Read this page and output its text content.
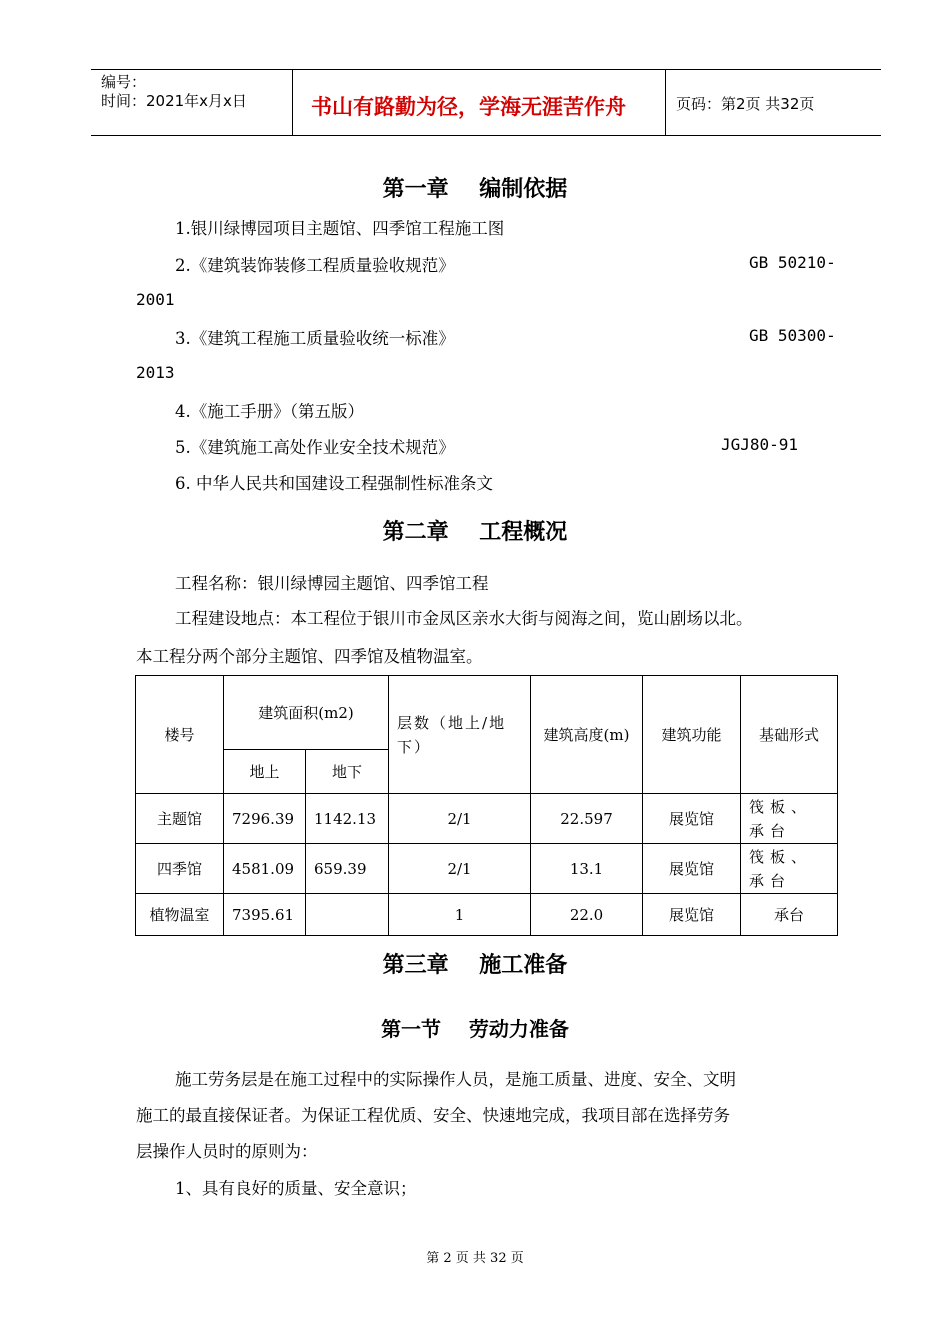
编号：
时间：2021年x月x日	书山有路勤为径，学海无涯苦作舟	页码：第2页 共32页
第一章    编制依据
1.银川绿博园项目主题馆、四季馆工程施工图
2.《建筑装饰装修工程质量验收规范》	GB 50210-
2001
3.《建筑工程施工质量验收统一标准》	GB 50300-
2013
4.《施工手册》（第五版）
5.《建筑施工高处作业安全技术规范》	JGJ80-91
6. 中华人民共和国建设工程强制性标准条文
第二章    工程概况
工程名称：银川绿博园主题馆、四季馆工程
工程建设地点：本工程位于银川市金凤区亲水大街与阅海之间，览山剧场以北。
本工程分两个部分主题馆、四季馆及植物温室。
楼号	建筑面积(m2)		层数（地上/地下）	建筑高度(m)	建筑功能	基础形式
	地上	地下				
主题馆	7296.39	1142.13	2/1	22.597	展览馆	筏板、承台
四季馆	4581.09	659.39	2/1	13.1	展览馆	筏板、承台
植物温室	7395.61		1	22.0	展览馆	承台
第三章    施工准备
第一节    劳动力准备
施工劳务层是在施工过程中的实际操作人员，是施工质量、进度、安全、文明
施工的最直接保证者。为保证工程优质、安全、快速地完成，我项目部在选择劳务
层操作人员时的原则为：
1、具有良好的质量、安全意识；
第 2 页 共 32 页
